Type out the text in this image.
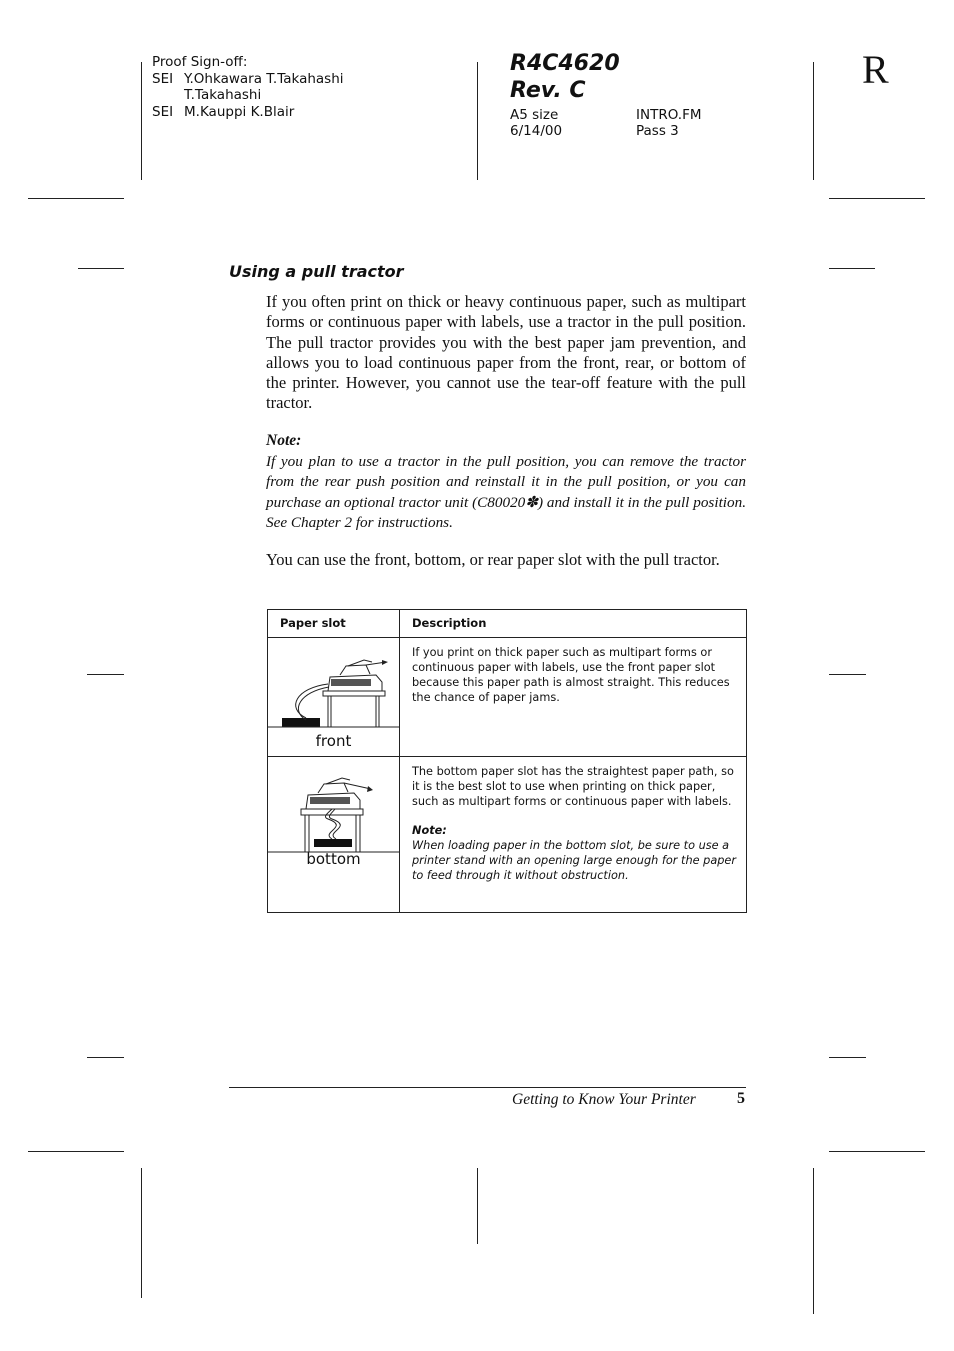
Proof Sign-off:
SEI Y.Ohkawara T.Takahashi
T.Takahashi
SEI M.Kauppi K.Blair
R4C4620
Rev. C
A5 size	INTRO.FM
6/14/00	Pass 3
R
Using a pull tractor
If you often print on thick or heavy continuous paper, such as multipart forms or continuous paper with labels, use a tractor in the pull position. The pull tractor provides you with the best paper jam prevention, and allows you to load continuous paper from the front, rear, or bottom of the printer. However, you cannot use the tear-off feature with the pull tractor.
Note:
If you plan to use a tractor in the pull position, you can remove the tractor from the rear push position and reinstall it in the pull position, or you can purchase an optional tractor unit (C80020✽) and install it in the pull position. See Chapter 2 for instructions.
You can use the front, bottom, or rear paper slot with the pull tractor.
Paper slot	Description

front	If you print on thick paper such as multipart forms or continuous paper with labels, use the front paper slot because this paper path is almost straight. This reduces the chance of paper jams.

bottom	The bottom paper slot has the straightest paper path, so it is the best slot to use when printing on thick paper, such as multipart forms or continuous paper with labels.
Note:
When loading paper in the bottom slot, be sure to use a printer stand with an opening large enough for the paper to feed through it without obstruction.
Getting to Know Your Printer	5
